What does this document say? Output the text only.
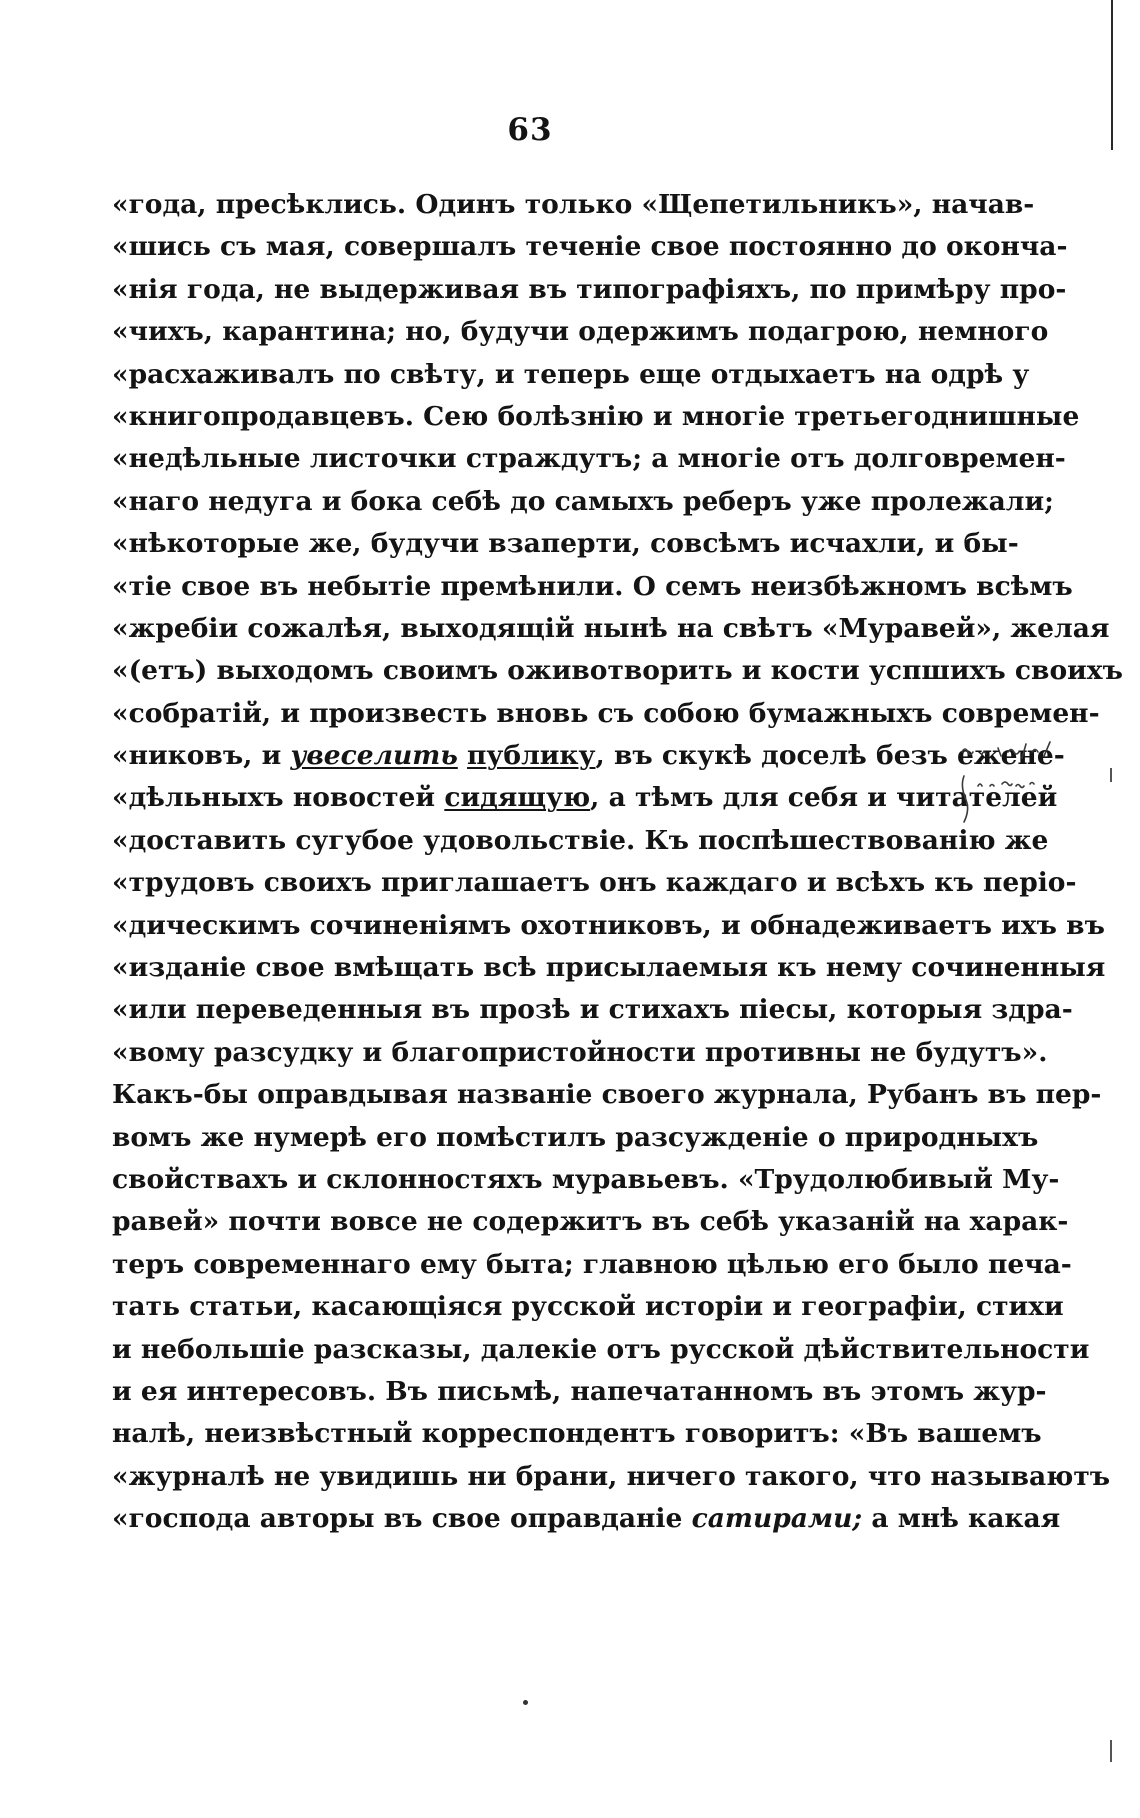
63
«года, пресѣклись. Одинъ только «Щепетильникъ», начав-
«шись съ мая, совершалъ теченіе свое постоянно до оконча-
«нія года, не выдерживая въ типографіяхъ, по примѣру про-
«чихъ, карантина; но, будучи одержимъ подагрою, немного
«расхаживалъ по свѣту, и теперь еще отдыхаетъ на одрѣ у
«книгопродавцевъ. Сею болѣзнію и многіе третьегоднишные
«недѣльные листочки страждутъ; а многіе отъ долговремен-
«наго недуга и бока себѣ до самыхъ реберъ уже пролежали;
«нѣкоторые же, будучи взаперти, совсѣмъ исчахли, и бы-
«тіе свое въ небытіе премѣнили. О семъ неизбѣжномъ всѣмъ
«жребіи сожалѣя, выходящій нынѣ на свѣтъ «Муравей», желая
«(етъ) выходомъ своимъ оживотворить и кости успшихъ своихъ
«собратій, и произвесть вновь съ собою бумажныхъ современ-
«никовъ, и увеселить публику, въ скукѣ доселѣ безъ ежене-
«дѣльныхъ новостей сидящую, а тѣмъ для себя и читателей
«доставить сугубое удовольствіе. Къ поспѣшествованію же
«трудовъ своихъ приглашаетъ онъ каждаго и всѣхъ къ періо-
«дическимъ сочиненіямъ охотниковъ, и обнадеживаетъ ихъ въ
«изданіе свое вмѣщать всѣ присылаемыя къ нему сочиненныя
«или переведенныя въ прозѣ и стихахъ піесы, которыя здра-
«вому разсудку и благопристойности противны не будутъ».
Какъ-бы оправдывая названіе своего журнала, Рубанъ въ пер-
вомъ же нумерѣ его помѣстилъ разсужденіе о природныхъ
свойствахъ и склонностяхъ муравьевъ. «Трудолюбивый Му-
равей» почти вовсе не содержитъ въ себѣ указаній на харак-
теръ современнаго ему быта; главною цѣлью его было печа-
тать статьи, касающіяся русской исторіи и географіи, стихи
и небольшіе разсказы, далекіе отъ русской дѣйствительности
и ея интересовъ. Въ письмѣ, напечатанномъ въ этомъ жур-
налѣ, неизвѣстный корреспондентъ говоритъ: «Въ вашемъ
«журналѣ не увидишь ни брани, ничего такого, что называютъ
«господа авторы въ свое оправданіе сатирами; а мнѣ какая
